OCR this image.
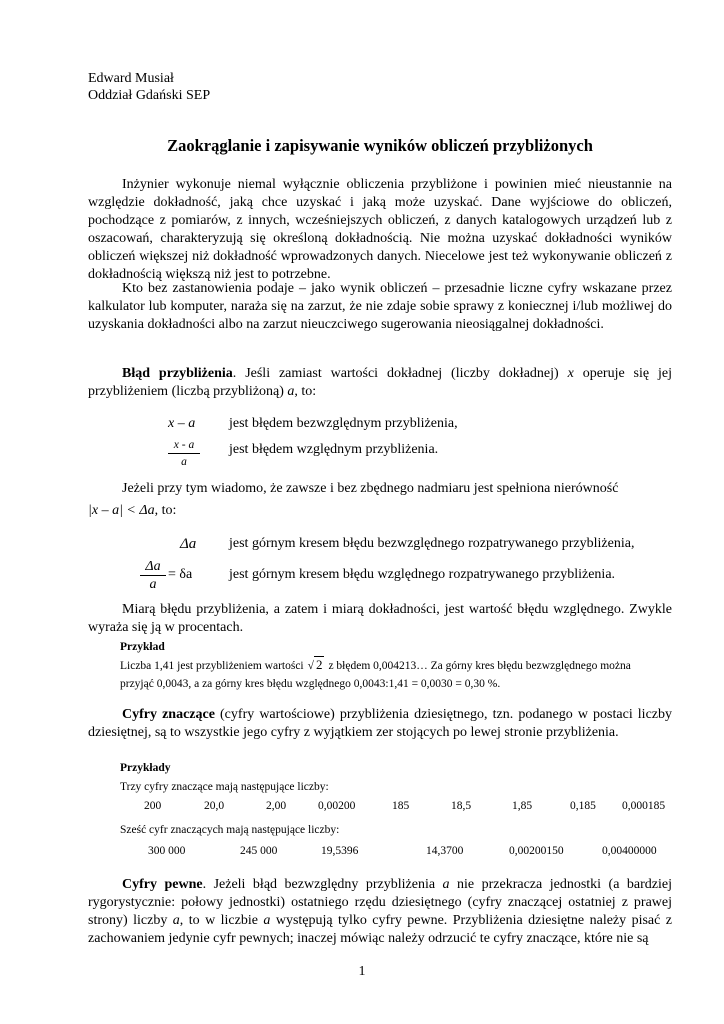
Edward Musiał
Oddział Gdański SEP
Zaokrąglanie i zapisywanie wyników obliczeń przybliżonych

Inżynier wykonuje niemal wyłącznie obliczenia przybliżone i powinien mieć nieustannie na względzie dokładność, jaką chce uzyskać i jaką może uzyskać. Dane wyjściowe do obliczeń, pochodzące z pomiarów, z innych, wcześniejszych obliczeń, z danych katalogowych urządzeń lub z oszacowań, charakteryzują się określoną dokładnością. Nie można uzyskać dokładności wyników obliczeń większej niż dokładność wprowadzonych danych. Niecelowe jest też wykonywanie obliczeń z dokładnością większą niż jest to potrzebne.

Kto bez zastanowienia podaje – jako wynik obliczeń – przesadnie liczne cyfry wskazane przez kalkulator lub komputer, naraża się na zarzut, że nie zdaje sobie sprawy z koniecznej i/lub możliwej do uzyskania dokładności albo na zarzut nieuczciwego sugerowania nieosiągalnej dokładności.

Błąd przybliżenia. Jeśli zamiast wartości dokładnej (liczby dokładnej) x operuje się jej przybliżeniem (liczbą przybliżoną) a, to:

x – a jest błędem bezwzględnym przybliżenia,
$\frac{x - a}{a}$ jest błędem względnym przybliżenia.

Jeżeli przy tym wiadomo, że zawsze i bez zbędnego nadmiaru jest spełniona nierówność

|x – a| < Δa, to:
Δa jest górnym kresem błędu bezwzględnego rozpatrywanego przybliżenia,
$\frac{\Delta a}{a} = \delta a$	jest górnym kresem błędu względnego rozpatrywanego przybliżenia.

Miarą błędu przybliżenia, a zatem i miarą dokładności, jest wartość błędu względnego. Zwykle wyraża się ją w procentach.

Przykład
Liczba 1,41 jest przybliżeniem wartości √ 2 z błędem 0,004213… Za górny kres błędu bezwzględnego można
przyjąć 0,0043, a za górny kres błędu względnego 0,0043:1,41 = 0,0030 = 0,30 %.

Cyfry znaczące (cyfry wartościowe) przybliżenia dziesiętnego, tzn. podanego w postaci liczby dziesiętnej, są to wszystkie jego cyfry z wyjątkiem zer stojących po lewej stronie przybliżenia.

Przykłady
Trzy cyfry znaczące mają następujące liczby:
200	20,0	2,00	0,00200	185	18,5	1,85	0,185 0,000185
Sześć cyfr znaczących mają następujące liczby:
300 000	245 000	19,5396	14,3700	0,00200150	0,00400000

Cyfry pewne. Jeżeli błąd bezwzględny przybliżenia a nie przekracza jednostki (a bardziej rygorystycznie: połowy jednostki) ostatniego rzędu dziesiętnego (cyfry znaczącej ostatniej z prawej strony) liczby a, to w liczbie a występują tylko cyfry pewne. Przybliżenia dziesiętne należy pisać z zachowaniem jedynie cyfr pewnych; inaczej mówiąc należy odrzucić te cyfry znaczące, które nie są

1
